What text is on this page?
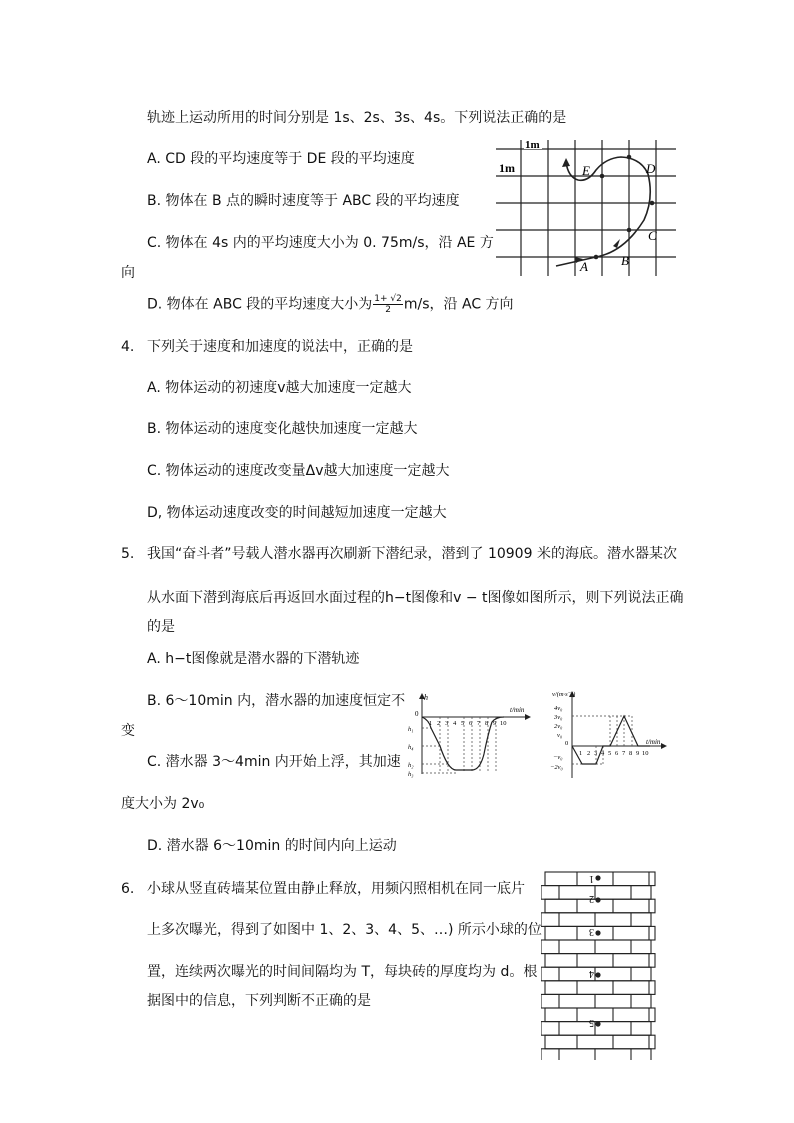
轨迹上运动所用的时间分别是 1s、2s、3s、4s。下列说法正确的是
A. CD 段的平均速度等于 DE 段的平均速度
B. 物体在 B 点的瞬时速度等于 ABC 段的平均速度
C. 物体在 4s 内的平均速度大小为 0. 75m/s，沿 AE 方
向
D. 物体在 ABC 段的平均速度大小为 $\frac{1+ √2}{2} m/s$，沿 AC 方向
1m
1m
A	B
C
D
E
4. 下列关于速度和加速度的说法中，正确的是
A. 物体运动的初速度v越大加速度一定越大
B. 物体运动的速度变化越快加速度一定越大
C. 物体运动的速度改变量Δv越大加速度一定越大
D, 物体运动速度改变的时间越短加速度一定越大
5. 我国“奋斗者”号载人潜水器再次刷新下潜纪录，潜到了 10909 米的海底。潜水器某次
从水面下潜到海底后再返回水面过程的h−t图像和v − t图像如图所示，则下列说法正确
的是
A. h−t图像就是潜水器的下潜轨迹
B. 6～10min 内，潜水器的加速度恒定不
变
C. 潜水器 3～4min 内开始上浮，其加速
度大小为 2v₀
D. 潜水器 6～10min 的时间内向上运动
h
t/min
0
1 2 3 4 5 6 7 8 9 10
h₁
h₄
h₂
h₃
v/(m·s⁻¹)
t/min
0
4v₀
3v₀
2v₀
v₀
−v₀
−2v₀
1 2 3 4 5 6 7 8 9 10
6. 小球从竖直砖墙某位置由静止释放，用频闪照相机在同一底片
上多次曝光，得到了如图中 1、2、3、4、5、…) 所示小球的位
置，连续两次曝光的时间间隔均为 T，每块砖的厚度均为 d。根
据图中的信息，下列判断不正确的是
1
2
3
4
5
